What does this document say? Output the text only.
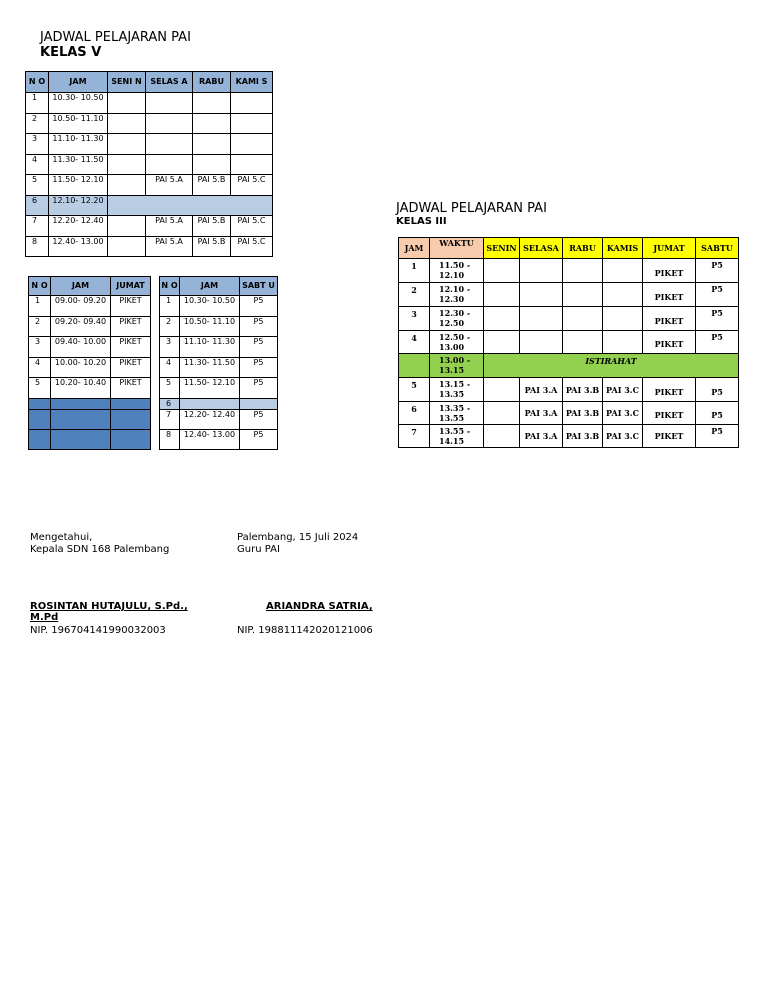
JADWAL PELAJARAN PAI
KELAS V
N O	JAM	SENI N	SELAS A	RABU	KAMI S
1	10.30- 10.50				
2	10.50- 11.10				
3	11.10- 11.30				
4	11.30- 11.50				
5	11.50- 12.10		PAI 5.A	PAI 5.B	PAI 5.C
6	12.10- 12.20				
7	12.20- 12.40		PAI 5.A	PAI 5.B	PAI 5.C
8	12.40- 13.00		PAI 5.A	PAI 5.B	PAI 5.C
N O	JAM	JUMAT
1	09.00- 09.20	PIKET
2	09.20- 09.40	PIKET
3	09.40- 10.00	PIKET
4	10.00- 10.20	PIKET
5	10.20- 10.40	PIKET

N O	JAM	SABT U
1	10.30- 10.50	P5
2	10.50- 11.10	P5
3	11.10- 11.30	P5
4	11.30- 11.50	P5
5	11.50- 12.10	P5
6		
7	12.20- 12.40	P5
8	12.40- 13.00	P5
JADWAL PELAJARAN PAI
KELAS III
JAM	WAKTU	SENIN	SELASA	RABU	KAMIS	JUMAT	SABTU
1	11.50 - 12.10					PIKET	P5
2	12.10 - 12.30					PIKET	P5
3	12.30 - 12.50					PIKET	P5
4	12.50 - 13.00					PIKET	P5
	13.00 - 13.15	ISTIRAHAT					
5	13.15 - 13.35		PAI 3.A	PAI 3.B	PAI 3.C	PIKET	P5
6	13.35 - 13.55		PAI 3.A	PAI 3.B	PAI 3.C	PIKET	P5
7	13.55 - 14.15		PAI 3.A	PAI 3.B	PAI 3.C	PIKET	P5
Mengetahui,
Kepala SDN 168 Palembang
Palembang, 15 Juli 2024
Guru PAI
ROSINTAN HUTAJULU, S.Pd., M.Pd
NIP. 196704141990032003
ARIANDRA SATRIA,
NIP. 198811142020121006
